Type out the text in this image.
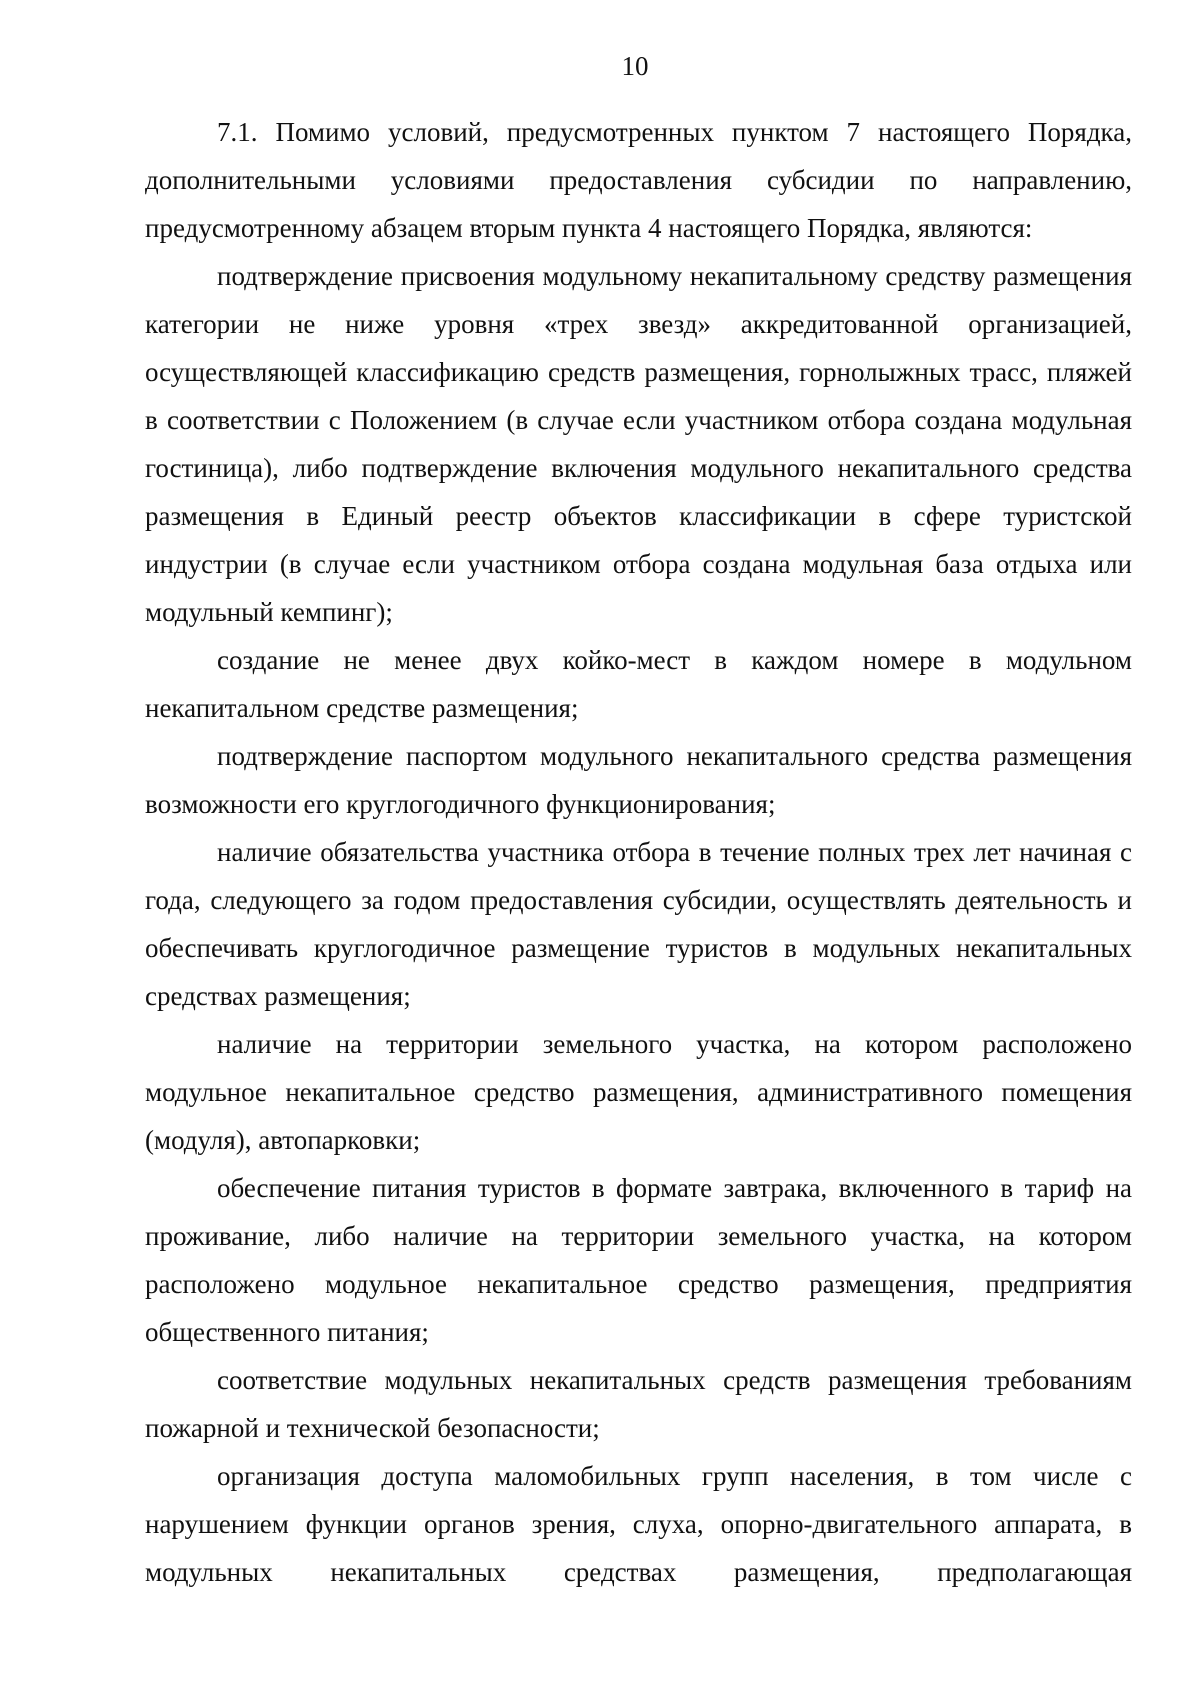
10

7.1. Помимо условий, предусмотренных пунктом 7 настоящего Порядка, дополнительными условиями предоставления субсидии по направлению, предусмотренному абзацем вторым пункта 4 настоящего Порядка, являются:

подтверждение присвоения модульному некапитальному средству размещения категории не ниже уровня «трех звезд» аккредитованной организацией, осуществляющей классификацию средств размещения, горнолыжных трасс, пляжей в соответствии с Положением (в случае если участником отбора создана модульная гостиница), либо подтверждение включения модульного некапитального средства размещения в Единый реестр объектов классификации в сфере туристской индустрии (в случае если участником отбора создана модульная база отдыха или модульный кемпинг);

создание не менее двух койко-мест в каждом номере в модульном некапитальном средстве размещения;

подтверждение паспортом модульного некапитального средства размещения возможности его круглогодичного функционирования;

наличие обязательства участника отбора в течение полных трех лет начиная с года, следующего за годом предоставления субсидии, осуществлять деятельность и обеспечивать круглогодичное размещение туристов в модульных некапитальных средствах размещения;

наличие на территории земельного участка, на котором расположено модульное некапитальное средство размещения, административного помещения (модуля), автопарковки;

обеспечение питания туристов в формате завтрака, включенного в тариф на проживание, либо наличие на территории земельного участка, на котором расположено модульное некапитальное средство размещения, предприятия общественного питания;

соответствие модульных некапитальных средств размещения требованиям пожарной и технической безопасности;

организация доступа маломобильных групп населения, в том числе с нарушением функции органов зрения, слуха, опорно-двигательного аппарата, в модульных некапитальных средствах размещения, предполагающая
